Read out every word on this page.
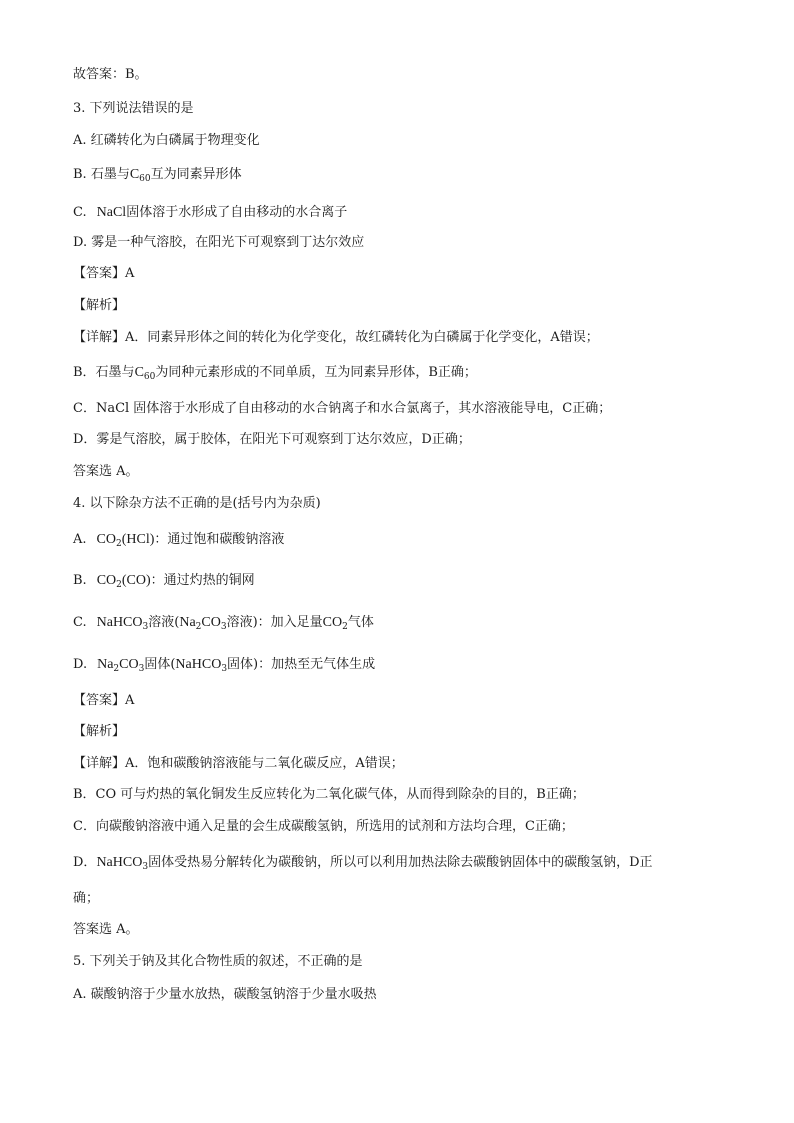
故答案：B。
3. 下列说法错误的是
A. 红磷转化为白磷属于物理变化
B. 石墨与$C_{60}$互为同素异形体
C. NaCl固体溶于水形成了自由移动的水合离子
D. 雾是一种气溶胶，在阳光下可观察到丁达尔效应
【答案】A
【解析】
【详解】A．同素异形体之间的转化为化学变化，故红磷转化为白磷属于化学变化，A错误；
B．石墨与$C_{60}$为同种元素形成的不同单质，互为同素异形体，B正确；
C．NaCl 固体溶于水形成了自由移动的水合钠离子和水合氯离子，其水溶液能导电，C正确；
D．雾是气溶胶，属于胶体，在阳光下可观察到丁达尔效应，D正确；
答案选 A。
4. 以下除杂方法不正确的是(括号内为杂质)
A. $CO_2(HCl)$：通过饱和碳酸钠溶液
B. $CO_2(CO)$：通过灼热的铜网
C. NaHCO$_3$溶液($Na_2CO_3$溶液)：加入足量$CO_2$气体
D. $Na_2CO_3$固体(NaHCO$_3$固体)：加热至无气体生成
【答案】A
【解析】
【详解】A．饱和碳酸钠溶液能与二氧化碳反应，A错误；
B．CO 可与灼热的氧化铜发生反应转化为二氧化碳气体，从而得到除杂的目的，B正确；
C．向碳酸钠溶液中通入足量的会生成碳酸氢钠，所选用的试剂和方法均合理，C正确；
D．NaHCO$_3$固体受热易分解转化为碳酸钠，所以可以利用加热法除去碳酸钠固体中的碳酸氢钠，D正
确；
答案选 A。
5. 下列关于钠及其化合物性质的叙述，不正确的是
A. 碳酸钠溶于少量水放热，碳酸氢钠溶于少量水吸热
